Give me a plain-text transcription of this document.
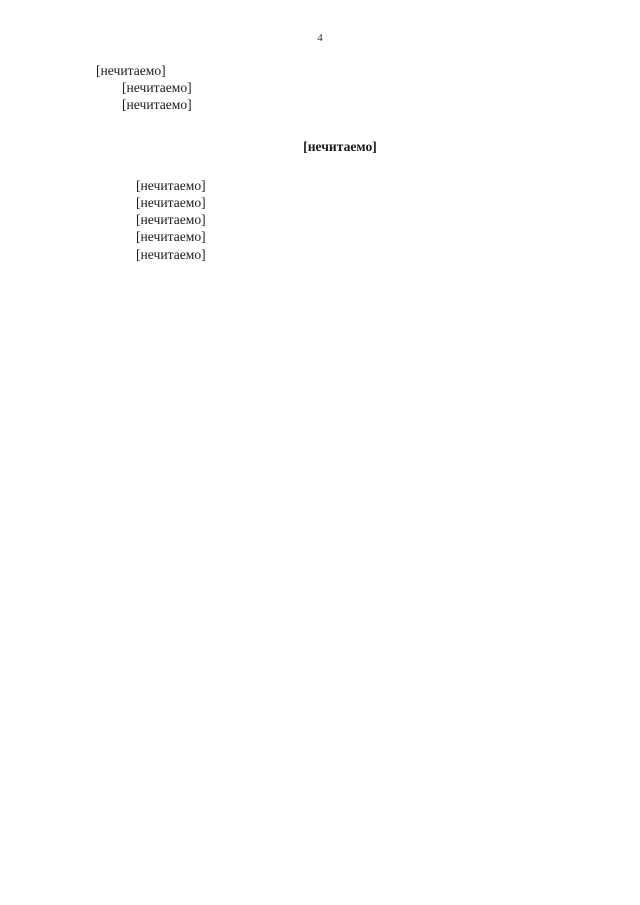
4

[нечитаемо]

[нечитаемо]

[нечитаемо]

[нечитаемо]

[нечитаемо]

[нечитаемо]

[нечитаемо]

[нечитаемо]

[нечитаемо]
